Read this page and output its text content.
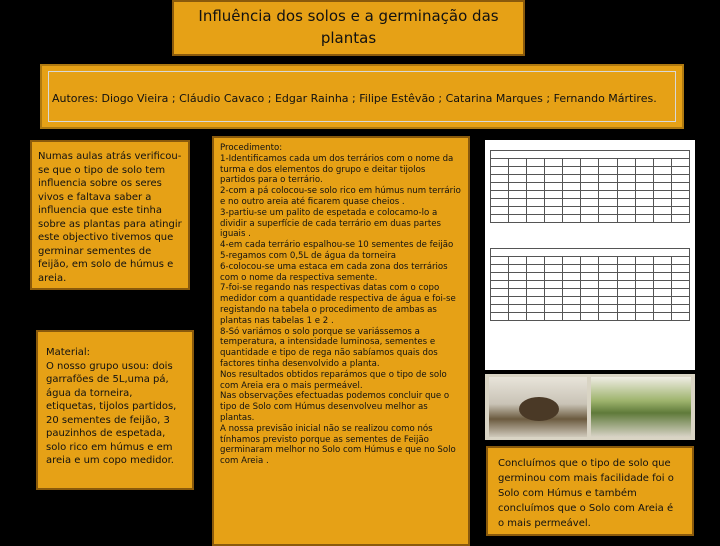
Influência dos solos e a germinação das plantas
Autores: Diogo Vieira ; Cláudio Cavaco ; Edgar Rainha ; Filipe Estêvão ; Catarina Marques ; Fernando Mártires.
Numas aulas atrás verificou-se que o tipo de solo tem influencia sobre os seres vivos e faltava saber a influencia que este tinha sobre as plantas para atingir este objectivo tivemos que germinar sementes de feijão, em solo de húmus e areia.
Material:
O nosso grupo usou: dois garrafões de 5L,uma pá, água da torneira, etiquetas, tijolos partidos, 20 sementes de feijão, 3 pauzinhos de espetada, solo rico em húmus e em areia e um copo medidor.
Procedimento:
1-Identificamos cada um dos terrários com o nome da turma e dos elementos do grupo e deitar tijolos partidos para o terrário.
2-com a pá colocou-se solo rico em húmus num terrário e no outro areia até ficarem quase cheios .
3-partiu-se um palito de espetada e colocamo-lo a dividir a superfície de cada terrário em duas partes iguais .
4-em cada terrário espalhou-se 10 sementes de feijão
5-regamos com 0,5L de água da torneira
6-colocou-se uma estaca em cada zona dos terrários com o nome da respectiva semente.
7-foi-se regando nas respectivas datas com o copo medidor com a quantidade respectiva de água e foi-se registando na tabela o procedimento de ambas as plantas nas tabelas 1 e 2 .
8-Só variámos o solo porque se variássemos a temperatura, a intensidade luminosa, sementes e quantidade e tipo de rega não sabíamos quais dos factores tinha desenvolvido a planta.
Nos resultados obtidos reparámos que o tipo de solo com Areia era o mais permeável.
Nas observações efectuadas podemos concluir que o tipo de Solo com Húmus desenvolveu melhor as plantas.
A nossa previsão inicial não se realizou como nós tínhamos previsto porque as sementes de Feijão germinaram melhor no Solo com Húmus e que no Solo com Areia .

											Concluímos que o tipo de solo que germinou com mais facilidade foi o Solo com Húmus e também concluímos que o Solo com Areia é o mais permeável.
